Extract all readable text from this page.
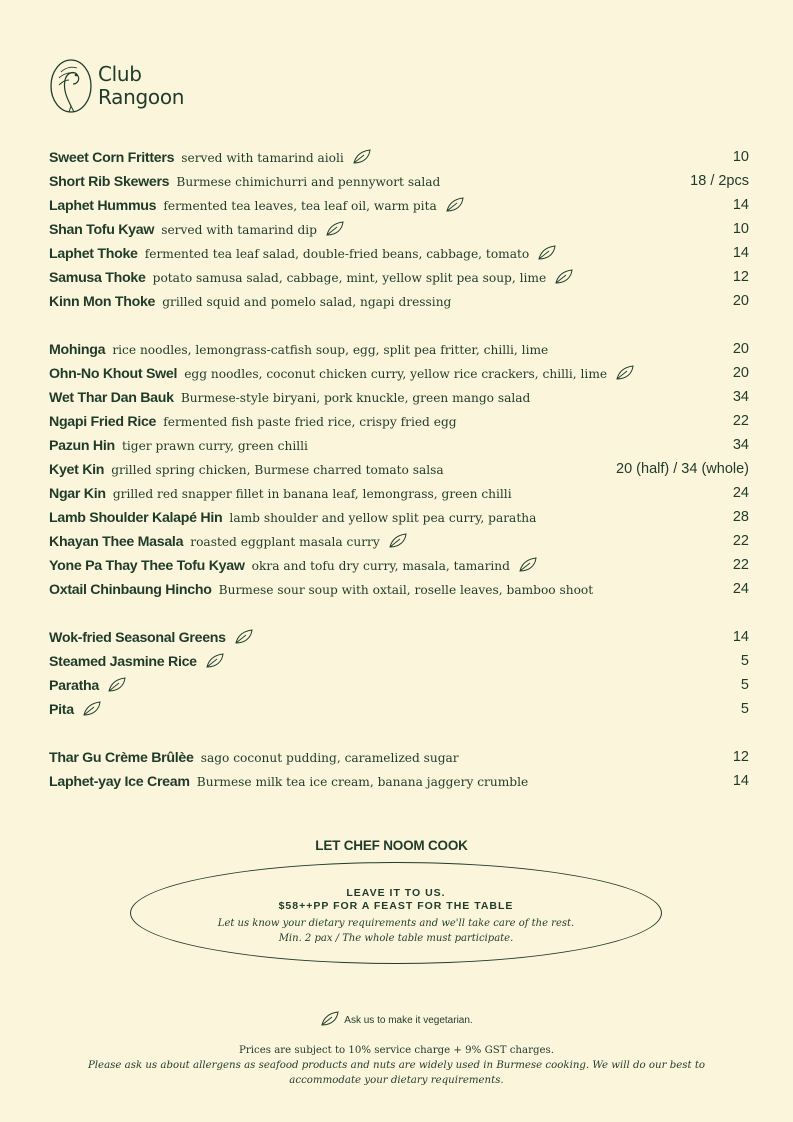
Club
Rangoon
Sweet Corn Fritters served with tamarind aioli	10
Short Rib Skewers Burmese chimichurri and pennywort salad	18 / 2pcs
Laphet Hummus fermented tea leaves, tea leaf oil, warm pita	14
Shan Tofu Kyaw served with tamarind dip	10
Laphet Thoke fermented tea leaf salad, double-fried beans, cabbage, tomato	14
Samusa Thoke potato samusa salad, cabbage, mint, yellow split pea soup, lime	12
Kinn Mon Thoke grilled squid and pomelo salad, ngapi dressing	20
Mohinga rice noodles, lemongrass-catfish soup, egg, split pea fritter, chilli, lime	20
Ohn-No Khout Swel egg noodles, coconut chicken curry, yellow rice crackers, chilli, lime	20
Wet Thar Dan Bauk Burmese-style biryani, pork knuckle, green mango salad	34
Ngapi Fried Rice fermented fish paste fried rice, crispy fried egg	22
Pazun Hin tiger prawn curry, green chilli	34
Kyet Kin grilled spring chicken, Burmese charred tomato salsa	20 (half) / 34 (whole)
Ngar Kin grilled red snapper fillet in banana leaf, lemongrass, green chilli	24
Lamb Shoulder Kalapé Hin lamb shoulder and yellow split pea curry, paratha	28
Khayan Thee Masala roasted eggplant masala curry	22
Yone Pa Thay Thee Tofu Kyaw okra and tofu dry curry, masala, tamarind	22
Oxtail Chinbaung Hincho Burmese sour soup with oxtail, roselle leaves, bamboo shoot	24
Wok-fried Seasonal Greens	14
Steamed Jasmine Rice	5
Paratha	5
Pita	5
Thar Gu Crème Brûlèe sago coconut pudding, caramelized sugar	12
Laphet-yay Ice Cream Burmese milk tea ice cream, banana jaggery crumble	14
LET CHEF NOOM COOK
LEAVE IT TO US.
$58++PP FOR A FEAST FOR THE TABLE
Let us know your dietary requirements and we'll take care of the rest.
Min. 2 pax / The whole table must participate.
Ask us to make it vegetarian.
Prices are subject to 10% service charge + 9% GST charges.
Please ask us about allergens as seafood products and nuts are widely used in Burmese cooking. We will do our best to
accommodate your dietary requirements.
